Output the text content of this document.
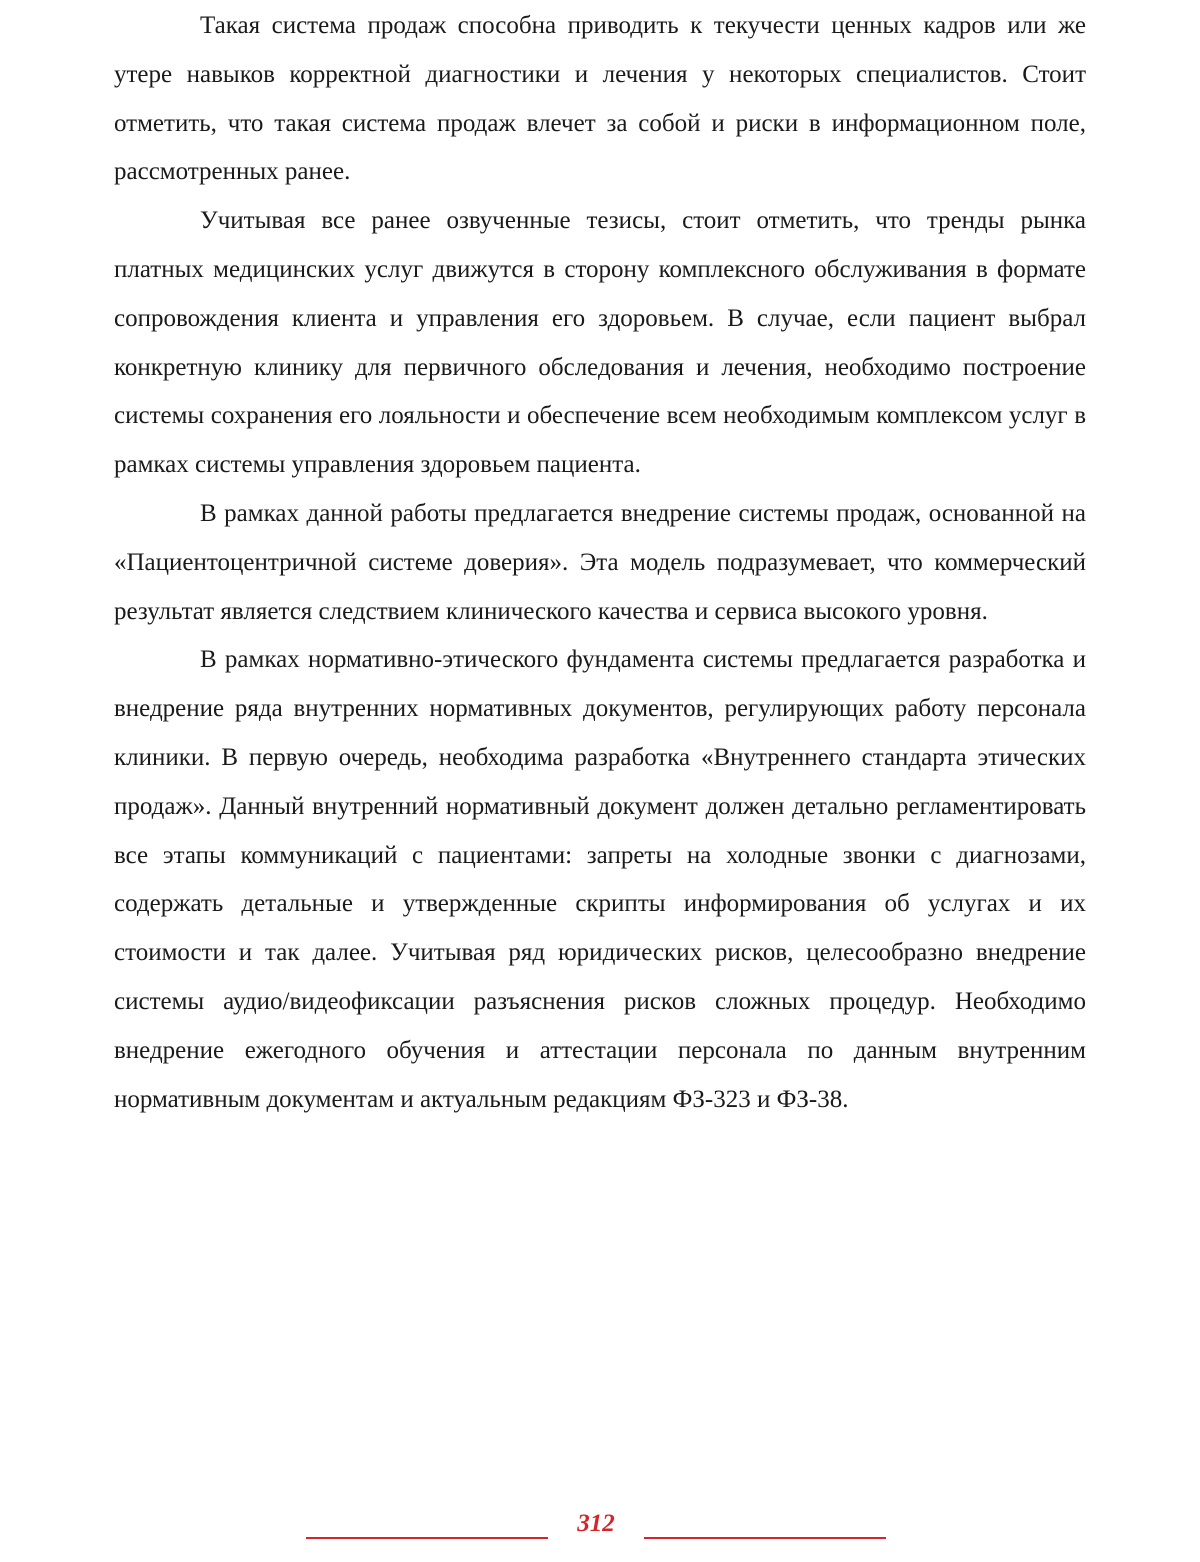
Такая система продаж способна приводить к текучести ценных кадров или же утере навыков корректной диагностики и лечения у некоторых специалистов. Стоит отметить, что такая система продаж влечет за собой и риски в информационном поле, рассмотренных ранее.

Учитывая все ранее озвученные тезисы, стоит отметить, что тренды рынка платных медицинских услуг движутся в сторону комплексного обслуживания в формате сопровождения клиента и управления его здоровьем. В случае, если пациент выбрал конкретную клинику для первичного обследования и лечения, необходимо построение системы сохранения его лояльности и обеспечение всем необходимым комплексом услуг в рамках системы управления здоровьем пациента.

В рамках данной работы предлагается внедрение системы продаж, основанной на «Пациентоцентричной системе доверия». Эта модель подразумевает, что коммерческий результат является следствием клинического качества и сервиса высокого уровня.

В рамках нормативно-этического фундамента системы предлагается разработка и внедрение ряда внутренних нормативных документов, регулирующих работу персонала клиники. В первую очередь, необходима разработка «Внутреннего стандарта этических продаж». Данный внутренний нормативный документ должен детально регламентировать все этапы коммуникаций с пациентами: запреты на холодные звонки с диагнозами, содержать детальные и утвержденные скрипты информирования об услугах и их стоимости и так далее. Учитывая ряд юридических рисков, целесообразно внедрение системы аудио/видеофиксации разъяснения рисков сложных процедур. Необходимо внедрение ежегодного обучения и аттестации персонала по данным внутренним нормативным документам и актуальным редакциям ФЗ-323 и ФЗ-38.

312
